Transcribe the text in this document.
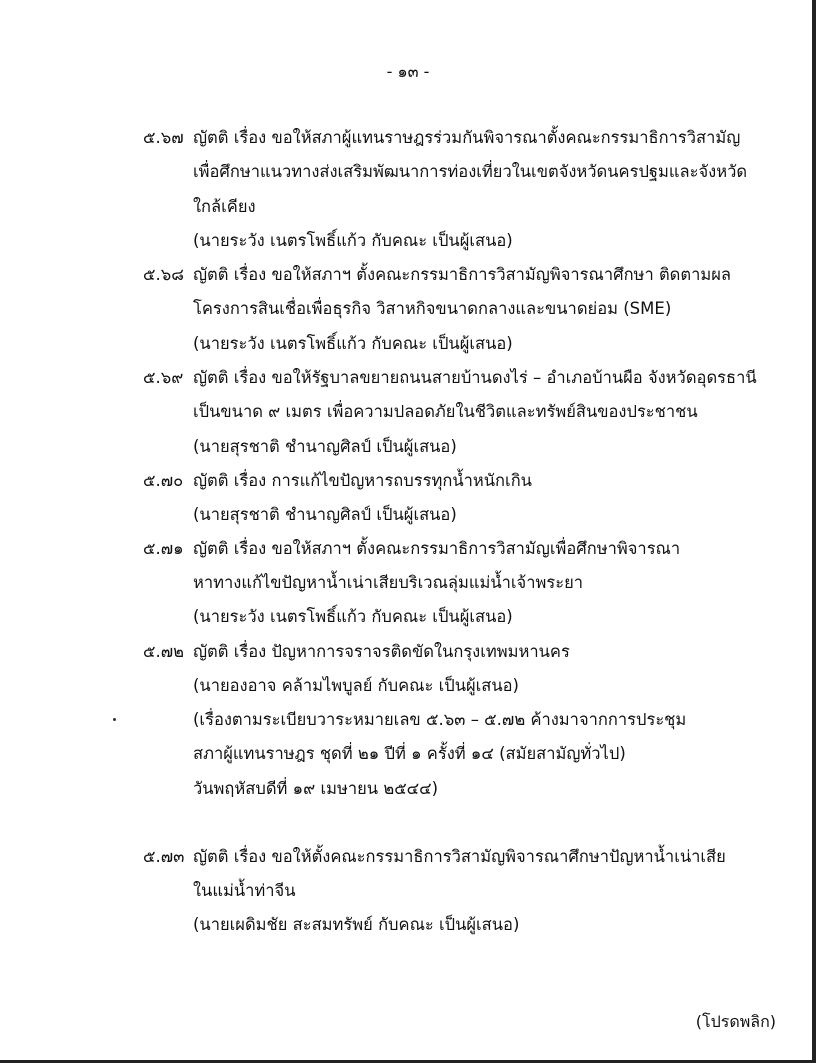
- ๑๓ -
๕.๖๗ ญัตติ เรื่อง ขอให้สภาผู้แทนราษฎรร่วมกันพิจารณาตั้งคณะกรรมาธิการวิสามัญ
เพื่อศึกษาแนวทางส่งเสริมพัฒนาการท่องเที่ยวในเขตจังหวัดนครปฐมและจังหวัด
ใกล้เคียง
(นายระวัง เนตรโพธิ์แก้ว กับคณะ เป็นผู้เสนอ)
๕.๖๘ ญัตติ เรื่อง ขอให้สภาฯ ตั้งคณะกรรมาธิการวิสามัญพิจารณาศึกษา ติดตามผล
โครงการสินเชื่อเพื่อธุรกิจ วิสาหกิจขนาดกลางและขนาดย่อม (SME)
(นายระวัง เนตรโพธิ์แก้ว กับคณะ เป็นผู้เสนอ)
๕.๖๙ ญัตติ เรื่อง ขอให้รัฐบาลขยายถนนสายบ้านดงไร่ – อำเภอบ้านผือ จังหวัดอุดรธานี
เป็นขนาด ๙ เมตร เพื่อความปลอดภัยในชีวิตและทรัพย์สินของประชาชน
(นายสุรชาติ ชำนาญศิลป์ เป็นผู้เสนอ)
๕.๗๐ ญัตติ เรื่อง การแก้ไขปัญหารถบรรทุกน้ำหนักเกิน
(นายสุรชาติ ชำนาญศิลป์ เป็นผู้เสนอ)
๕.๗๑ ญัตติ เรื่อง ขอให้สภาฯ ตั้งคณะกรรมาธิการวิสามัญเพื่อศึกษาพิจารณา
หาทางแก้ไขปัญหาน้ำเน่าเสียบริเวณลุ่มแม่น้ำเจ้าพระยา
(นายระวัง เนตรโพธิ์แก้ว กับคณะ เป็นผู้เสนอ)
๕.๗๒ ญัตติ เรื่อง ปัญหาการจราจรติดขัดในกรุงเทพมหานคร
(นายองอาจ คล้ามไพบูลย์ กับคณะ เป็นผู้เสนอ)
(เรื่องตามระเบียบวาระหมายเลข ๕.๖๓ – ๕.๗๒ ค้างมาจากการประชุม
สภาผู้แทนราษฎร ชุดที่ ๒๑ ปีที่ ๑ ครั้งที่ ๑๔ (สมัยสามัญทั่วไป)
วันพฤหัสบดีที่ ๑๙ เมษายน ๒๕๔๔)
๕.๗๓ ญัตติ เรื่อง ขอให้ตั้งคณะกรรมาธิการวิสามัญพิจารณาศึกษาปัญหาน้ำเน่าเสีย
ในแม่น้ำท่าจีน
(นายเผดิมชัย สะสมทรัพย์ กับคณะ เป็นผู้เสนอ)
(โปรดพลิก)
